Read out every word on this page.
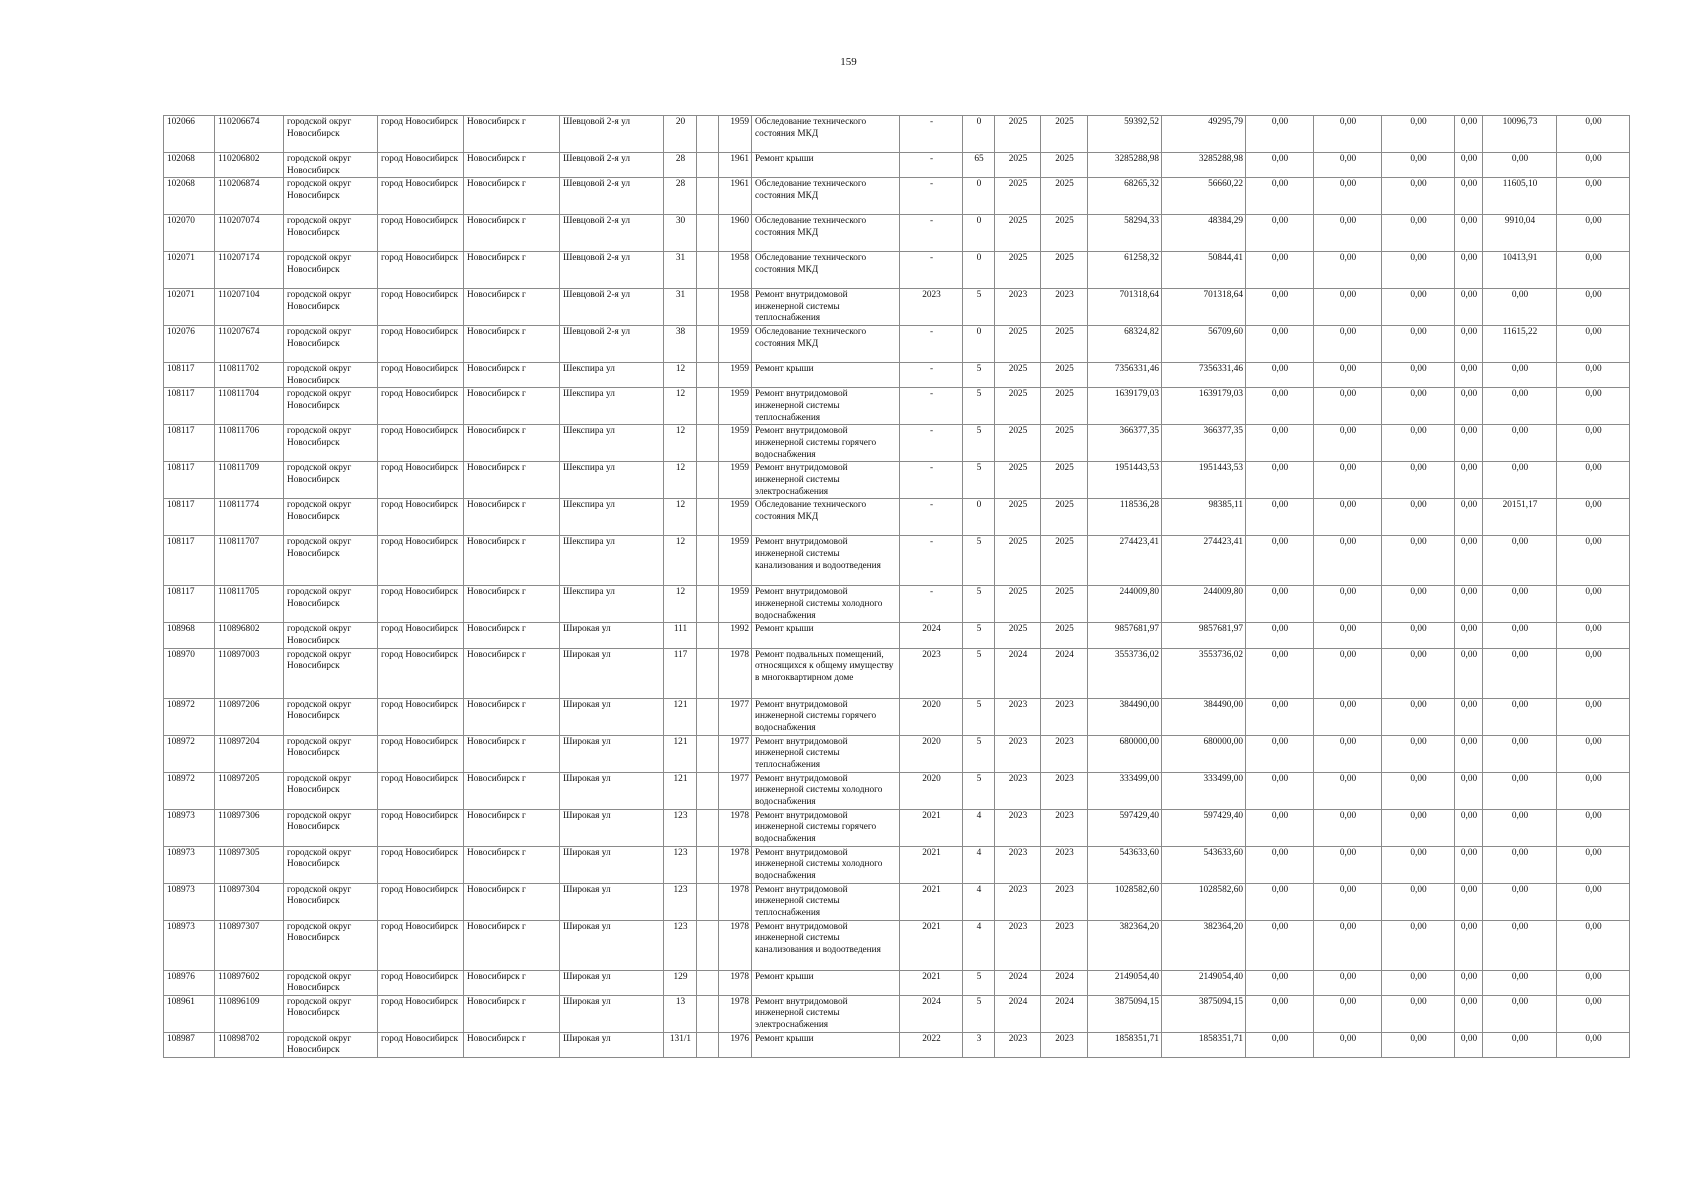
159
102066	110206674	городской округ Новосибирск	город Новосибирск	Новосибирск г	Шевцовой 2-я ул	20		1959	Обследование технического состояния МКД	-	0	2025	2025	59392,52	49295,79	0,00	0,00	0,00	0,00	10096,73	0,00
102068	110206802	городской округ Новосибирск	город Новосибирск	Новосибирск г	Шевцовой 2-я ул	28		1961	Ремонт крыши	-	65	2025	2025	3285288,98	3285288,98	0,00	0,00	0,00	0,00	0,00	0,00
102068	110206874	городской округ Новосибирск	город Новосибирск	Новосибирск г	Шевцовой 2-я ул	28		1961	Обследование технического состояния МКД	-	0	2025	2025	68265,32	56660,22	0,00	0,00	0,00	0,00	11605,10	0,00
102070	110207074	городской округ Новосибирск	город Новосибирск	Новосибирск г	Шевцовой 2-я ул	30		1960	Обследование технического состояния МКД	-	0	2025	2025	58294,33	48384,29	0,00	0,00	0,00	0,00	9910,04	0,00
102071	110207174	городской округ Новосибирск	город Новосибирск	Новосибирск г	Шевцовой 2-я ул	31		1958	Обследование технического состояния МКД	-	0	2025	2025	61258,32	50844,41	0,00	0,00	0,00	0,00	10413,91	0,00
102071	110207104	городской округ Новосибирск	город Новосибирск	Новосибирск г	Шевцовой 2-я ул	31		1958	Ремонт внутридомовой инженерной системы теплоснабжения	2023	5	2023	2023	701318,64	701318,64	0,00	0,00	0,00	0,00	0,00	0,00
102076	110207674	городской округ Новосибирск	город Новосибирск	Новосибирск г	Шевцовой 2-я ул	38		1959	Обследование технического состояния МКД	-	0	2025	2025	68324,82	56709,60	0,00	0,00	0,00	0,00	11615,22	0,00
108117	110811702	городской округ Новосибирск	город Новосибирск	Новосибирск г	Шекспира ул	12		1959	Ремонт крыши	-	5	2025	2025	7356331,46	7356331,46	0,00	0,00	0,00	0,00	0,00	0,00
108117	110811704	городской округ Новосибирск	город Новосибирск	Новосибирск г	Шекспира ул	12		1959	Ремонт внутридомовой инженерной системы теплоснабжения	-	5	2025	2025	1639179,03	1639179,03	0,00	0,00	0,00	0,00	0,00	0,00
108117	110811706	городской округ Новосибирск	город Новосибирск	Новосибирск г	Шекспира ул	12		1959	Ремонт внутридомовой инженерной системы горячего водоснабжения	-	5	2025	2025	366377,35	366377,35	0,00	0,00	0,00	0,00	0,00	0,00
108117	110811709	городской округ Новосибирск	город Новосибирск	Новосибирск г	Шекспира ул	12		1959	Ремонт внутридомовой инженерной системы электроснабжения	-	5	2025	2025	1951443,53	1951443,53	0,00	0,00	0,00	0,00	0,00	0,00
108117	110811774	городской округ Новосибирск	город Новосибирск	Новосибирск г	Шекспира ул	12		1959	Обследование технического состояния МКД	-	0	2025	2025	118536,28	98385,11	0,00	0,00	0,00	0,00	20151,17	0,00
108117	110811707	городской округ Новосибирск	город Новосибирск	Новосибирск г	Шекспира ул	12		1959	Ремонт внутридомовой инженерной системы канализования и водоотведения	-	5	2025	2025	274423,41	274423,41	0,00	0,00	0,00	0,00	0,00	0,00
108117	110811705	городской округ Новосибирск	город Новосибирск	Новосибирск г	Шекспира ул	12		1959	Ремонт внутридомовой инженерной системы холодного водоснабжения	-	5	2025	2025	244009,80	244009,80	0,00	0,00	0,00	0,00	0,00	0,00
108968	110896802	городской округ Новосибирск	город Новосибирск	Новосибирск г	Широкая ул	111		1992	Ремонт крыши	2024	5	2025	2025	9857681,97	9857681,97	0,00	0,00	0,00	0,00	0,00	0,00
108970	110897003	городской округ Новосибирск	город Новосибирск	Новосибирск г	Широкая ул	117		1978	Ремонт подвальных помещений, относящихся к общему имуществу в многоквартирном доме	2023	5	2024	2024	3553736,02	3553736,02	0,00	0,00	0,00	0,00	0,00	0,00
108972	110897206	городской округ Новосибирск	город Новосибирск	Новосибирск г	Широкая ул	121		1977	Ремонт внутридомовой инженерной системы горячего водоснабжения	2020	5	2023	2023	384490,00	384490,00	0,00	0,00	0,00	0,00	0,00	0,00
108972	110897204	городской округ Новосибирск	город Новосибирск	Новосибирск г	Широкая ул	121		1977	Ремонт внутридомовой инженерной системы теплоснабжения	2020	5	2023	2023	680000,00	680000,00	0,00	0,00	0,00	0,00	0,00	0,00
108972	110897205	городской округ Новосибирск	город Новосибирск	Новосибирск г	Широкая ул	121		1977	Ремонт внутридомовой инженерной системы холодного водоснабжения	2020	5	2023	2023	333499,00	333499,00	0,00	0,00	0,00	0,00	0,00	0,00
108973	110897306	городской округ Новосибирск	город Новосибирск	Новосибирск г	Широкая ул	123		1978	Ремонт внутридомовой инженерной системы горячего водоснабжения	2021	4	2023	2023	597429,40	597429,40	0,00	0,00	0,00	0,00	0,00	0,00
108973	110897305	городской округ Новосибирск	город Новосибирск	Новосибирск г	Широкая ул	123		1978	Ремонт внутридомовой инженерной системы холодного водоснабжения	2021	4	2023	2023	543633,60	543633,60	0,00	0,00	0,00	0,00	0,00	0,00
108973	110897304	городской округ Новосибирск	город Новосибирск	Новосибирск г	Широкая ул	123		1978	Ремонт внутридомовой инженерной системы теплоснабжения	2021	4	2023	2023	1028582,60	1028582,60	0,00	0,00	0,00	0,00	0,00	0,00
108973	110897307	городской округ Новосибирск	город Новосибирск	Новосибирск г	Широкая ул	123		1978	Ремонт внутридомовой инженерной системы канализования и водоотведения	2021	4	2023	2023	382364,20	382364,20	0,00	0,00	0,00	0,00	0,00	0,00
108976	110897602	городской округ Новосибирск	город Новосибирск	Новосибирск г	Широкая ул	129		1978	Ремонт крыши	2021	5	2024	2024	2149054,40	2149054,40	0,00	0,00	0,00	0,00	0,00	0,00
108961	110896109	городской округ Новосибирск	город Новосибирск	Новосибирск г	Широкая ул	13		1978	Ремонт внутридомовой инженерной системы электроснабжения	2024	5	2024	2024	3875094,15	3875094,15	0,00	0,00	0,00	0,00	0,00	0,00
108987	110898702	городской округ Новосибирск	город Новосибирск	Новосибирск г	Широкая ул	131/1		1976	Ремонт крыши	2022	3	2023	2023	1858351,71	1858351,71	0,00	0,00	0,00	0,00	0,00	0,00
